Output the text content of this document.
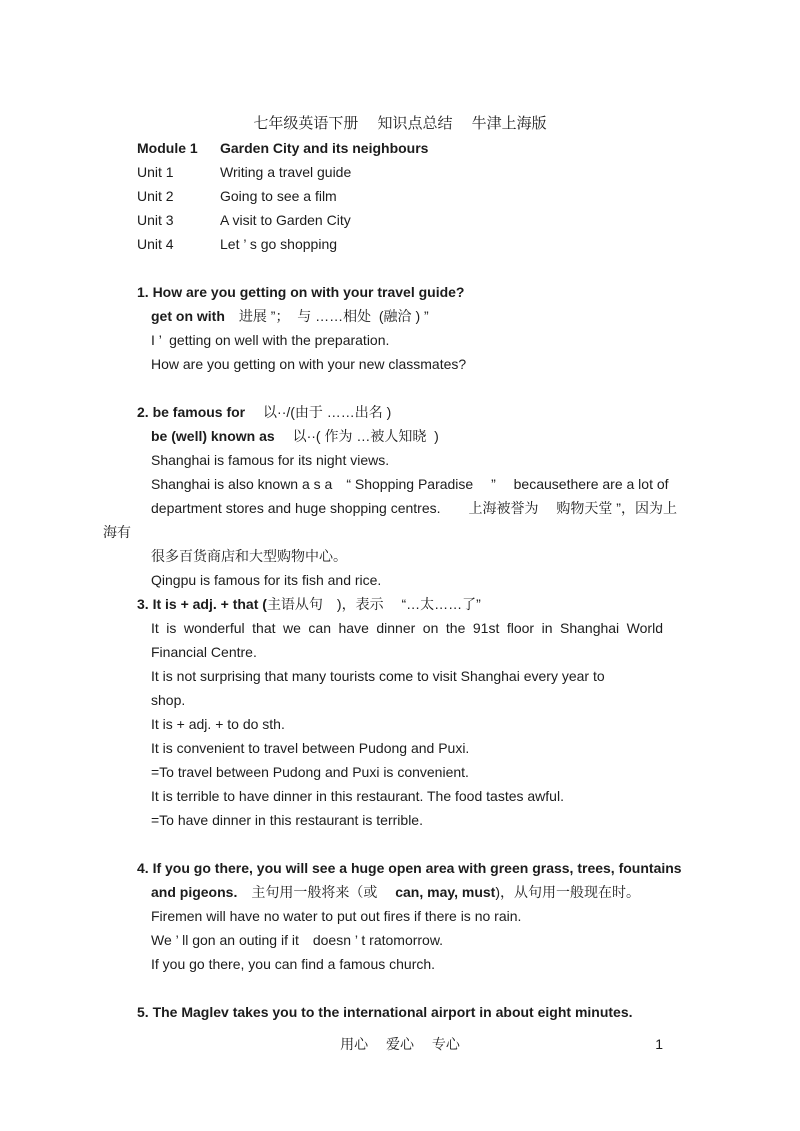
七年级英语下册　 知识点总结　 牛津上海版
Module 1	Garden City and its neighbours
Unit 1	Writing a travel guide
Unit 2	Going to see a film
Unit 3	A visit to Garden City
Unit 4	Let ’ s go shopping
1. How are you getting on with your travel guide?
get on with　进展 ”；  与 ……相处  (融洽 ) ”
I ’  getting on well with the preparation.
How are you getting on with your new classmates?
2. be famous for　 以··/(由于 ……出名 )
be (well) known as　 以··( 作为 …被人知晓  )
Shanghai is famous for its night views.
Shanghai is also known a s a　“ Shopping Paradise　 ”　 becausethere are a lot of
department stores and huge shopping centres.　　上海被誉为　 购物天堂 ”，因为上
海有
很多百货商店和大型购物中心。
Qingpu is famous for its fish and rice.
3. It is + adj. + that (主语从句　)，表示　 “…太……了”
It is wonderful that we can have dinner on the 91st floor in Shanghai World
Financial Centre.
It is not surprising that many tourists come to visit Shanghai every year to
shop.
It is + adj. + to do sth.
It is convenient to travel between Pudong and Puxi.
=To travel between Pudong and Puxi is convenient.
It is terrible to have dinner in this restaurant. The food tastes awful.
=To have dinner in this restaurant is terrible.
4. If you go there, you will see a huge open area with green grass, trees, fountains
and pigeons.　主句用一般将来（或　 can, may, must)，从句用一般现在时。
Firemen will have no water to put out fires if there is no rain.
We ’ ll gon an outing if it　doesn ’ t ratomorrow.
If you go there, you can find a famous church.
5. The Maglev takes you to the international airport in about eight minutes.
用心　 爱心　 专心	1
